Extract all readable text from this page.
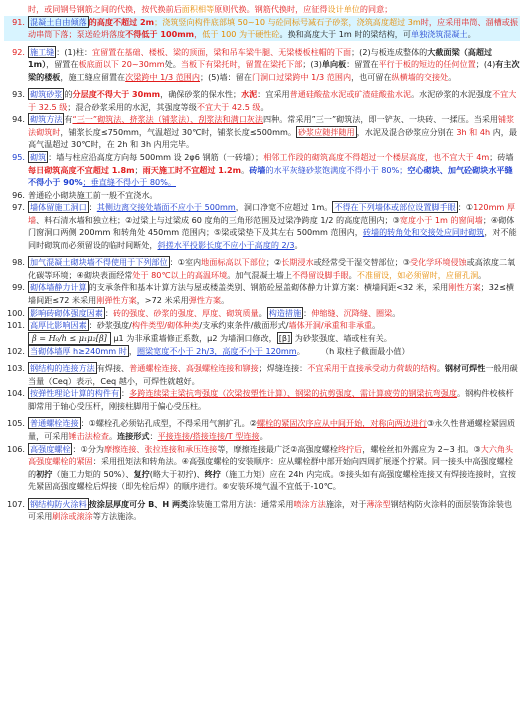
时，或同钢号钢筋之间的代换，按代换前后面积相等原则代换。钢筋代换时，应征得设计单位的同意；
91. 混凝土自由倾落 的高度不超过 2m；浇筑竖向构件底部填 50~10 与砼同标号减石子砂浆，浇筑高度超过 3m时，应采用串筒、溜槽或振动串筒下落；泵送砼坍落度不得低于 100mm，低于 100 为干硬性砼。换和高度大于 1m 时的梁结构，可单独浇筑混凝土。
92. 施工缝 ：(1)柱：宜留置在基础、楼板、梁的顶面，梁和吊车梁牛腿、无梁楼板柱帽的下面；(2)与板连成整体的大截面梁（高超过 1m），留置在板底面以下 20~30mm处。当板下有梁托时，留置在梁托下部；(3)单向板：留置在平行于板的短边的任何位置；(4)有主次梁的楼板，施工缝应留置在次梁跨中 1/3 范围内；(5)墙：留在门洞口过梁跨中 1/3 范围内，也可留在纵横墙的交接处。
93. 砌筑砂浆 的分层度不得大于 30mm，确保砂浆的保水性；水泥：宜采用普通硅酸盐水泥或矿渣硅酸盐水泥。水泥砂浆的水泥强度不宜大于 32.5 级；混合砂浆采用的水泥，其强度等级不宜大于 42.5 级。
94. 砌筑方法 有“三一”砌筑法、挤浆法（铺浆法）、刮浆法和满口灰法四种。常采用”三一”砌筑法，即一铲灰、一块砖、一揉压。当采用铺浆法砌筑时，铺浆长度≤750mm，气温超过 30℃时，铺浆长度≤500mm。 砂浆应随拌随用 ，水泥及混合砂浆应分别在 3h 和 4h 内，最高气温超过 30℃时，在 2h 和 3h 内用完毕。
95. 砌筑 ：墙与柱应沿高度方向每 500mm 设 2φ6 钢筋（一砖墙）；相邻工作段的砌筑高度不得超过一个楼层高度，也不宜大于 4m；砖墙每日砌筑高度不宜超过 1.8m；雨天施工时不宜超过 1.2m。砖墙的水平灰缝砂浆饱满度不得小于 80%；空心砌块、加气砼砌块水平缝不得小于 90%；垂直缝不得小于 80%。
96. 普通砼小砌块施工前一般不宜浇水。
97. 墙体留施工洞口 ：其侧边离交接处墙面不应小于 500mm，洞口净宽不应超过 1m。 不得在下列墙体或部位设置脚手眼 ：①120mm 厚墙、料石清水墙和独立柱；②过梁上与过梁成 60 度角的三角形范围及过梁净跨度 1/2 的高度范围内；③宽度小于 1m 的窗间墙；④砌体门窗洞口两侧 200mm 和转角处 450mm 范围内；⑤梁或梁垫下及其左右 500mm 范围内，砖墙的转角处和交接处应同时砌筑，对不能同时砌筑而必须留设的临时间断处，斜搓水平投影长度不应小于高度的 2/3。
98. 加气混凝土砌块墙不得使用于下列部位 ：①室内地面标高以下部位；②长期浸水或经常受干湿交替部位；③受化学环境侵蚀或高浓度二氧化碳等环境；④砌块表面经常处于 80℃以上的高温环境。加气混凝土墙上不得留设脚手眼。不准留设，如必须留时，应留孔洞。
99. 砌体墙静力计算 的支承条件和基本计算方法与屋或楼盖类别、钢筋砼屋盖砌体静力计算方案：横墙间距<32 米，采用刚性方案；32≤横墙间距≤72 米采用刚弹性方案，>72 米采用弹性方案。
100. 影响砖砌体强度因素 ：砖的强度、砂浆的强度、厚度、砌筑质量。 构造措施 ：伸缩缝、沉降缝、圈梁。
101. 高厚比影响因素 ：砂浆强度/构件类型/砌体种类/支承约束条件/截面形式/墙体开洞/承重和非承重。
β = H₀/h ≤ μ₁μ₂[β] μ1 为非承重墙修正系数，μ2 为墙洞口修改， [β] 为砂浆强度、墙或柱有关。
102. 当砌体墙厚 h≥240mm 时 ，圈梁宽度不小于 2h/3，高度不小于 120mm。　　　（h 取柱子截面最小值）
103. 钢结构的连接方法 有焊接、普通螺栓连接、高强螺栓连接和铆接；焊缝连接：不宜采用于直接承受动力荷载的结构。钢材可焊性一般用碳当量（Ceq）表示，Ceq 越小，可焊性就越好。
104. 按弹性理论计算的构件有 ：多跨连续梁主梁抗弯强度（次梁按塑性计算）、钢梁的抗剪强度、需计算疲劳的钢梁抗弯强度。钢构件校核杆脚常用于轴心受压杆，刚接柱脚用于偏心受压柱。
105. 普通螺栓连接 ：①螺栓孔必须钻孔成型，不得采用气割扩孔。②螺栓的紧固次序应从中间开始，对称向两边进行③永久性普通螺栓紧固质量，可采用锤击法检查。连接形式：平接连接/搭接连接/T 型连接。
106. 高强度螺栓 ：①分为摩擦连接、张拉连接和承压连接等，摩擦连接最广泛②高强度螺栓终拧后，螺栓丝扣外露应为 2~3 扣。③大六角头高强度螺栓的紧固：采用扭矩法和转角法。④高强度螺栓的安装顺序：应从螺栓群中部开始向四周扩展逐个拧紧。同一接头中高强度螺栓的初拧（施工力矩的 50%）、复拧(略大于初拧)、终拧（施工力矩）应在 24h 内完成。⑤接头如有高强度螺栓连接又有焊接连接时，宜按先紧固高强度螺栓后焊接（即先栓后焊）的顺序进行。⑥安装环境气温不宜低于-10℃。
107. 钢结构防火涂料 按涂层厚度可分 B、H 两类涂装施工常用方法：通常采用喷涂方法施涂，对于薄涂型钢结构防火涂料的面层装饰涂装也可采用刷涂或滚涂等方法施涂。
